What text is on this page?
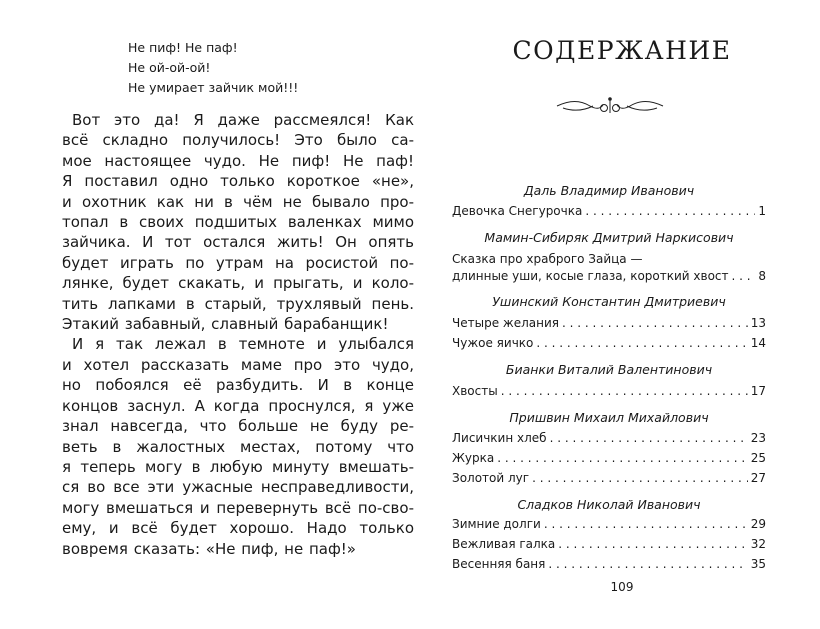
Не пиф! Не паф!
Не ой-ой-ой!
Не умирает зайчик мой!!!
Вот это да! Я даже рассмеялся! Как
всё складно получилось! Это было са-
мое настоящее чудо. Не пиф! Не паф!
Я поставил одно только короткое «не»,
и охотник как ни в чём не бывало про-
топал в своих подшитых валенках мимо
зайчика. И тот остался жить! Он опять
будет играть по утрам на росистой по-
лянке, будет скакать, и прыгать, и коло-
тить лапками в старый, трухлявый пень.
Этакий забавный, славный барабанщик!
И я так лежал в темноте и улыбался
и хотел рассказать маме про это чудо,
но побоялся её разбудить. И в конце
концов заснул. А когда проснулся, я уже
знал навсегда, что больше не буду ре-
веть в жалостных местах, потому что
я теперь могу в любую минуту вмешать-
ся во все эти ужасные несправедливости,
могу вмешаться и перевернуть всё по-сво-
ему, и всё будет хорошо. Надо только
вовремя сказать: «Не пиф, не паф!»
СОДЕРЖАНИЕ
Даль Владимир Иванович
Девочка Снегурочка . . .	1
Мамин-Сибиряк Дмитрий Наркисович
Сказка про храброго Зайца —
длинные уши, косые глаза, короткий хвост . . . 8
Ушинский Константин Дмитриевич
Четыре желания . . .	13
Чужое яичко . . .	14
Бианки Виталий Валентинович
Хвосты . . .	17
Пришвин Михаил Михайлович
Лисичкин хлеб . . .	23
Журка . . .	25
Золотой луг . . .	27
Сладков Николай Иванович
Зимние долги . . .	29
Вежливая галка . . .	32
Весенняя баня . . .	35
109
